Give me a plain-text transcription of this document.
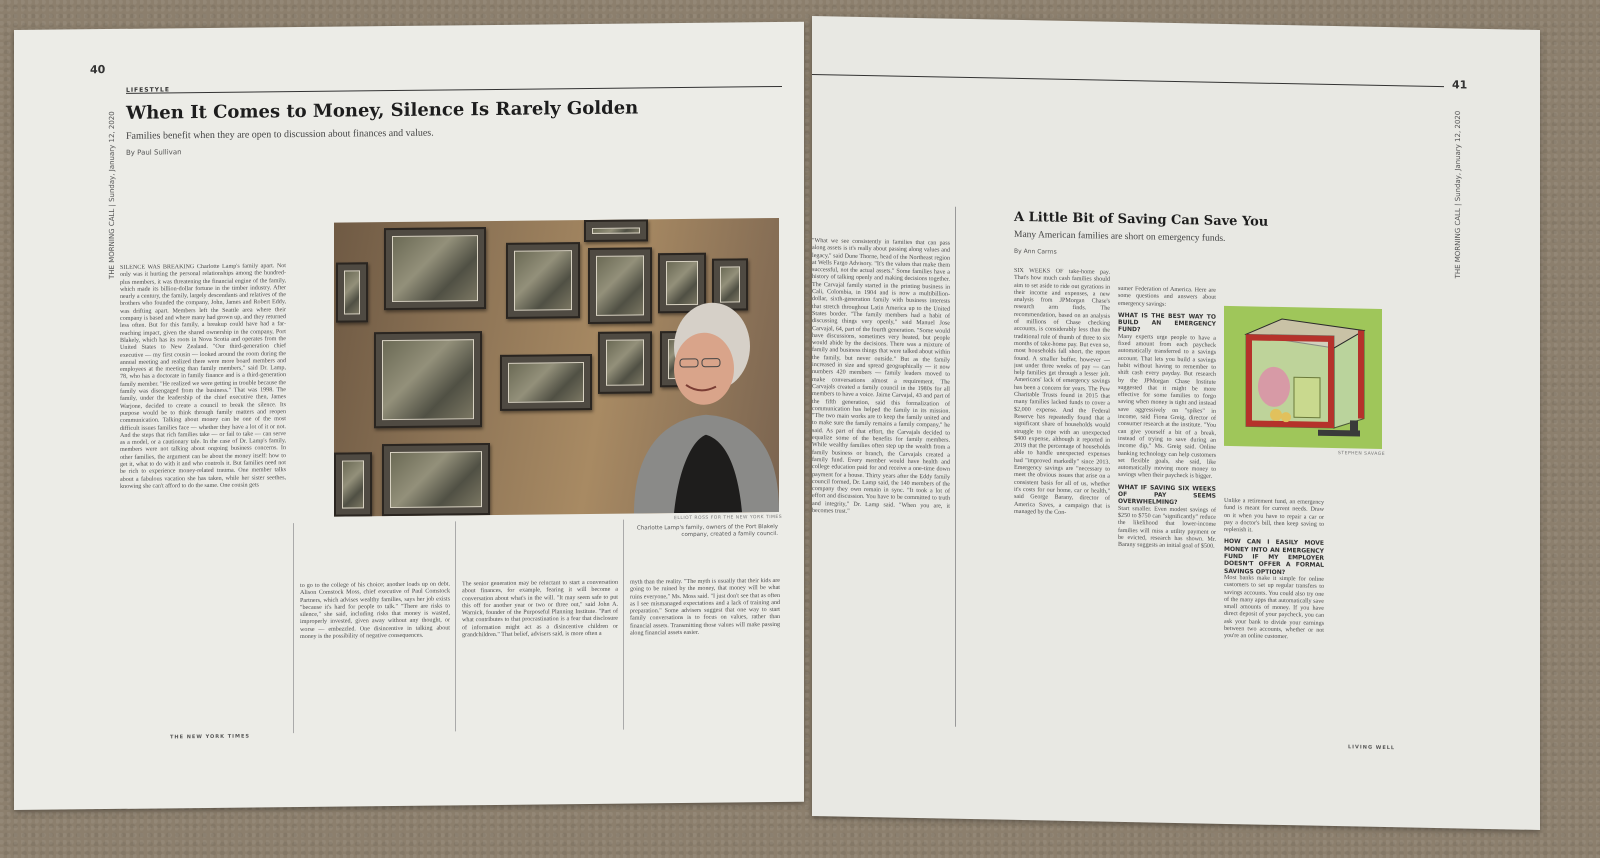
40
LIFESTYLE
THE MORNING CALL | Sunday, January 12, 2020
When It Comes to Money, Silence Is Rarely Golden
Families benefit when they are open to discussion about finances and values.
By Paul Sullivan
ELLIOT ROSS FOR THE NEW YORK TIMES
Charlotte Lamp's family, owners of the Port Blakely company, created a family council.
SILENCE WAS BREAKING Charlotte Lamp's family apart. Not only was it hurting the personal relationships among the hundred-plus members, it was threatening the financial engine of the family, which made its billion-dollar fortune in the timber industry. After nearly a century, the family, largely descendants and relatives of the brothers who founded the company, John, James and Robert Eddy, was drifting apart. Members left the Seattle area where their company is based and where many had grown up, and they returned less often. But for this family, a breakup could have had a far-reaching impact, given the shared ownership in the company, Port Blakely, which has its roots in Nova Scotia and operates from the United States to New Zealand. "Our third-generation chief executive — my first cousin — looked around the room during the annual meeting and realized there were more board members and employees at the meeting than family members," said Dr. Lamp, 78, who has a doctorate in family finance and is a third-generation family member. "He realized we were getting in trouble because the family was disengaged from the business." That was 1998. The family, under the leadership of the chief executive then, James Warjone, decided to create a council to break the silence. Its purpose would be to think through family matters and reopen communication. Talking about money can be one of the most difficult issues families face — whether they have a lot of it or not. And the steps that rich families take — or fail to take — can serve as a model, or a cautionary tale. In the case of Dr. Lamp's family, members were not talking about ongoing business concerns. In other families, the argument can be about the money itself: how to get it, what to do with it and who controls it. But families need not be rich to experience money-related trauma. One member talks about a fabulous vacation she has taken, while her sister seethes, knowing she can't afford to do the same. One cousin gets
to go to the college of his choice; another loads up on debt. Alison Comstock Moss, chief executive of Paul Comstock Partners, which advises wealthy families, says her job exists "because it's hard for people to talk." "There are risks to silence," she said, including risks that money is wasted, improperly invested, given away without any thought, or worse — embezzled. One disincentive in talking about money is the possibility of negative consequences.
The senior generation may be reluctant to start a conversation about finances, for example, fearing it will become a conversation about what's in the will. "It may seem safe to put this off for another year or two or three out," said John A. Warnick, founder of the Purposeful Planning Institute. "Part of what contributes to that procrastination is a fear that disclosure of information might act as a disincentive children or grandchildren." That belief, advisers said, is more often a
myth than the reality. "The myth is usually that their kids are going to be ruined by the money, that money will be what ruins everyone," Ms. Moss said. "I just don't see that as often as I see mismanaged expectations and a lack of training and preparation." Some advisers suggest that one way to start family conversations is to focus on values, rather than financial assets. Transmitting those values will make passing along financial assets easier.
THE NEW YORK TIMES
41
THE MORNING CALL | Sunday, January 12, 2020
"What we see consistently in families that can pass along assets is it's really about passing along values and legacy," said Dune Thorne, head of the Northeast region at Wells Fargo Advisory. "It's the values that make them successful, not the actual assets." Some families have a history of talking openly and making decisions together. The Carvajal family started in the printing business in Cali, Colombia, in 1904 and is now a multibillion-dollar, sixth-generation family with business interests that stretch throughout Latin America up to the United States border. "The family members had a habit of discussing things very openly," said Manuel Jose Carvajal, 64, part of the fourth generation. "Some would have discussions, sometimes very heated, but people would abide by the decisions. There was a mixture of family and business things that were talked about within the family, but never outside." But as the family increased in size and spread geographically — it now numbers 420 members — family leaders moved to make conversations almost a requirement. The Carvajals created a family council in the 1980s for all members to have a voice. Jaime Carvajal, 43 and part of the fifth generation, said this formalization of communication has helped the family in its mission. "The two main works are to keep the family united and to make sure the family remains a family company," he said. As part of that effort, the Carvajals decided to equalize some of the benefits for family members. While wealthy families often step up the wealth from a family business or branch, the Carvajals created a family fund. Every member would have health and college education paid for and receive a one-time down payment for a house. Thirty years after the Eddy family council formed, Dr. Lamp said, the 140 members of the company they own remain in sync. "It took a lot of effort and discussion. You have to be committed to truth and integrity," Dr. Lamp said. "When you are, it becomes trust."
A Little Bit of Saving Can Save You
Many American families are short on emergency funds.
By Ann Carrns
SIX WEEKS OF take-home pay. That's how much cash families should aim to set aside to ride out gyrations in their income and expenses, a new analysis from JPMorgan Chase's research arm finds. The recommendation, based on an analysis of millions of Chase checking accounts, is considerably less than the traditional rule of thumb of three to six months of take-home pay. But even so, most households fall short, the report found. A smaller buffer, however — just under three weeks of pay — can help families get through a lesser jolt. Americans' lack of emergency savings has been a concern for years. The Pew Charitable Trusts found in 2015 that many families lacked funds to cover a $2,000 expense. And the Federal Reserve has repeatedly found that a significant share of households would struggle to cope with an unexpected $400 expense, although it reported in 2019 that the percentage of households able to handle unexpected expenses had "improved markedly" since 2013. Emergency savings are "necessary to meet the obvious issues that arise on a consistent basis for all of us, whether it's costs for our home, car or health," said George Barany, director of America Saves, a campaign that is managed by the Con-
sumer Federation of America. Here are some questions and answers about emergency savings:
WHAT IS THE BEST WAY TO BUILD AN EMERGENCY FUND?
Many experts urge people to have a fixed amount from each paycheck automatically transferred to a savings account. That lets you build a savings habit without having to remember to shift cash every payday. But research by the JPMorgan Chase Institute suggested that it might be more effective for some families to forgo saving when money is tight and instead save aggressively on "spikes" in income, said Fiona Greig, director of consumer research at the institute. "You can give yourself a bit of a break, instead of trying to save during an income dip," Ms. Greig said. Online banking technology can help customers set flexible goals, she said, like automatically moving more money to savings when their paycheck is bigger.
WHAT IF SAVING SIX WEEKS OF PAY SEEMS OVERWHELMING?
Start smaller. Even modest savings of $250 to $750 can "significantly" reduce the likelihood that lower-income families will miss a utility payment or be evicted, research has shown. Mr. Barany suggests an initial goal of $500.
STEPHEN SAVAGE
Unlike a retirement fund, an emergency fund is meant for current needs. Draw on it when you have to repair a car or pay a doctor's bill, then keep saving to replenish it.
HOW CAN I EASILY MOVE MONEY INTO AN EMERGENCY FUND IF MY EMPLOYER DOESN'T OFFER A FORMAL SAVINGS OPTION?
Most banks make it simple for online customers to set up regular transfers to savings accounts. You could also try one of the many apps that automatically save small amounts of money. If you have direct deposit of your paycheck, you can ask your bank to divide your earnings between two accounts, whether or not you're an online customer.
LIVING WELL
